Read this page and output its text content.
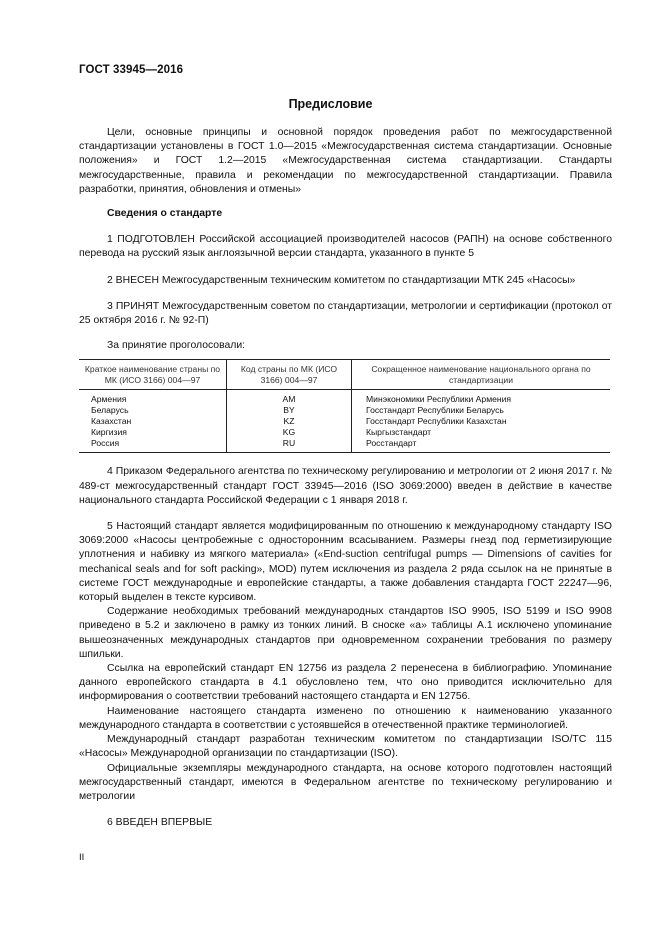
ГОСТ 33945—2016
Предисловие

Цели, основные принципы и основной порядок проведения работ по межгосударственной стандартизации установлены в ГОСТ 1.0—2015 «Межгосударственная система стандартизации. Основные положения» и ГОСТ 1.2—2015 «Межгосударственная система стандартизации. Стандарты межгосударственные, правила и рекомендации по межгосударственной стандартизации. Правила разработки, принятия, обновления и отмены»

Сведения о стандарте

1 ПОДГОТОВЛЕН Российской ассоциацией производителей насосов (РАПН) на основе собственного перевода на русский язык англоязычной версии стандарта, указанного в пункте 5

2 ВНЕСЕН Межгосударственным техническим комитетом по стандартизации МТК 245 «Насосы»

3 ПРИНЯТ Межгосударственным советом по стандартизации, метрологии и сертификации (протокол от 25 октября 2016 г. № 92-П)

За принятие проголосовали:

Краткое наименование страны по МК (ИСО 3166) 004—97	Код страны по МК (ИСО 3166) 004—97	Сокращенное наименование национального органа по стандартизации
Армения	AM	Минэкономики Республики Армения
Беларусь	BY	Госстандарт Республики Беларусь
Казахстан	KZ	Госстандарт Республики Казахстан
Киргизия	KG	Кыргызстандарт
Россия	RU	Росстандарт

4 Приказом Федерального агентства по техническому регулированию и метрологии от 2 июня 2017 г. № 489-ст межгосударственный стандарт ГОСТ 33945—2016 (ISO 3069:2000) введен в действие в качестве национального стандарта Российской Федерации с 1 января 2018 г.

5 Настоящий стандарт является модифицированным по отношению к международному стандарту ISO 3069:2000 «Насосы центробежные с односторонним всасыванием. Размеры гнезд под герметизирующие уплотнения и набивку из мягкого материала» («End-suction centrifugal pumps — Dimensions of cavities for mechanical seals and for soft packing», MOD) путем исключения из раздела 2 ряда ссылок на не принятые в системе ГОСТ международные и европейские стандарты, а также добавления стандарта ГОСТ 22247—96, который выделен в тексте курсивом.

Содержание необходимых требований международных стандартов ISO 9905, ISO 5199 и ISO 9908 приведено в 5.2 и заключено в рамку из тонких линий. В сноске «а» таблицы А.1 исключено упоминание вышеозначенных международных стандартов при одновременном сохранении требования по размеру шпильки.

Ссылка на европейский стандарт EN 12756 из раздела 2 перенесена в библиографию. Упоминание данного европейского стандарта в 4.1 обусловлено тем, что оно приводится исключительно для информирования о соответствии требований настоящего стандарта и EN 12756.

Наименование настоящего стандарта изменено по отношению к наименованию указанного международного стандарта в соответствии с устоявшейся в отечественной практике терминологией.

Международный стандарт разработан техническим комитетом по стандартизации ISO/TC 115 «Насосы» Международной организации по стандартизации (ISO).

Официальные экземпляры международного стандарта, на основе которого подготовлен настоящий межгосударственный стандарт, имеются в Федеральном агентстве по техническому регулированию и метрологии

6 ВВЕДЕН ВПЕРВЫЕ

II
